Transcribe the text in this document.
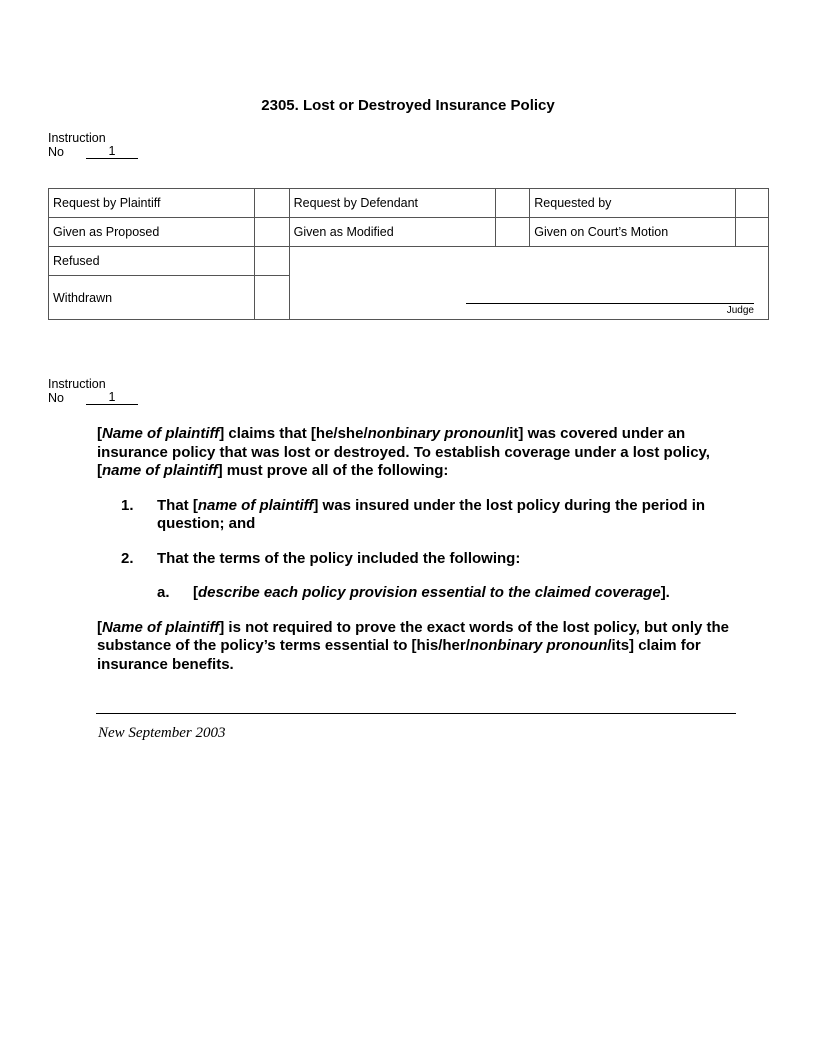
2305. Lost or Destroyed Insurance Policy
Instruction
No	1
Request by Plaintiff		Request by Defendant		Requested by	
Given as Proposed		Given as Modified		Given on Court’s Motion	
Refused		Judge			

Withdrawn					
Instruction
No	1

[Name of plaintiff] claims that [he/she/nonbinary pronoun/it] was covered under an insurance policy that was lost or destroyed. To establish coverage under a lost policy, [name of plaintiff] must prove all of the following:

1.	That [name of plaintiff] was insured under the lost policy during the period in question; and
2.	That the terms of the policy included the following:
a.	[describe each policy provision essential to the claimed coverage].

[Name of plaintiff] is not required to prove the exact words of the lost policy, but only the substance of the policy’s terms essential to [his/her/nonbinary pronoun/its] claim for insurance benefits.

New September 2003
